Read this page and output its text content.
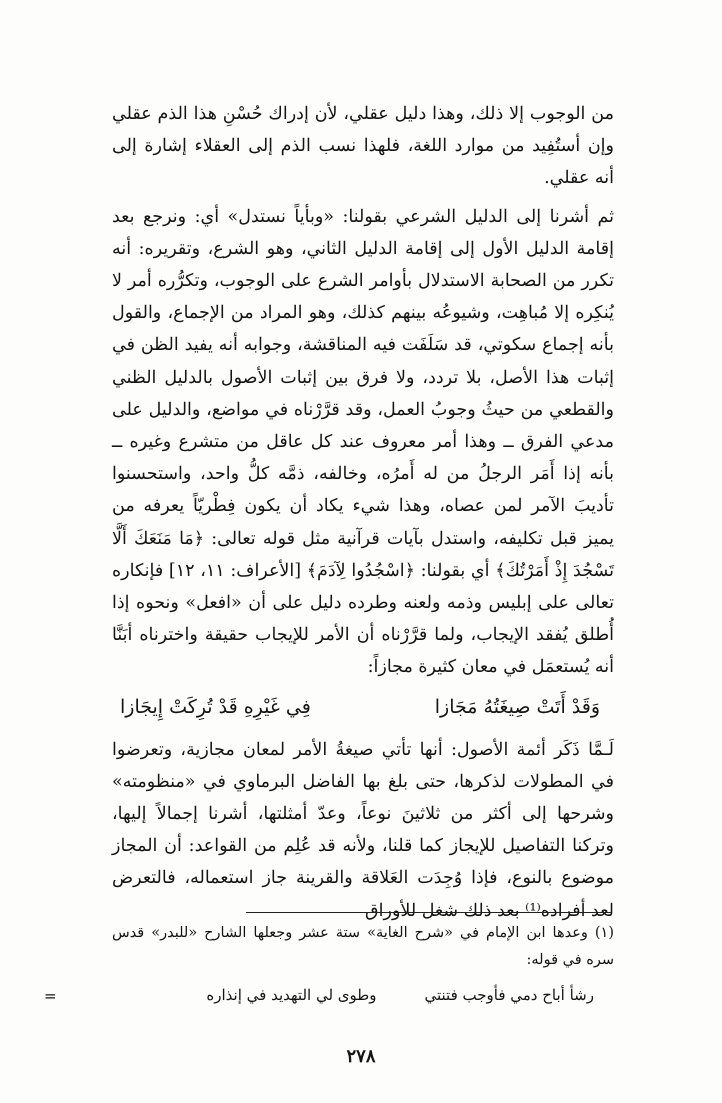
من الوجوب إلا ذلك، وهذا دليل عقلي، لأن إدراك حُسْنِ هذا الذم عقلي وإن أستُفِيد من موارد اللغة، فلهذا نسب الذم إلى العقلاء إشارة إلى أنه عقلي.

ثم أشرنا إلى الدليل الشرعي بقولنا: «وبأياً نستدل» أي: ونرجع بعد إقامة الدليل الأول إلى إقامة الدليل الثاني، وهو الشرع، وتقريره: أنه تكرر من الصحابة الاستدلال بأوامر الشرع على الوجوب، وتكرُّره أمر لا يُنكِره إلا مُباهِت، وشيوعُه بينهم كذلك، وهو المراد من الإجماع، والقول بأنه إجماع سكوتي، قد سَلَفَت فيه المناقشة، وجوابه أنه يفيد الظن في إثبات هذا الأصل، بلا تردد، ولا فرق بين إثبات الأصول بالدليل الظني والقطعي من حيثُ وجوبُ العمل، وقد قرَّرْناه في مواضع، والدليل على مدعي الفرق ــ وهذا أمر معروف عند كل عاقل من متشرع وغيره ــ بأنه إذا أَمَر الرجلُ من له أَمرُه، وخالفه، ذمَّه كلُّ واحد، واستحسنوا تأديبَ الآمر لمن عصاه، وهذا شيء يكاد أن يكون فِطْريّاً يعرفه من يميز قبل تكليفه، واستدل بآيات قرآنية مثل قوله تعالى: ﴿مَا مَنَعَكَ أَلَّا تَسْجُدَ إِذْ أَمَرْتُكَ﴾ أي بقولنا: ﴿اسْجُدُوا لِآدَمَ﴾ [الأعراف: ١١، ١٢] فإنكاره تعالى على إبليس وذمه ولعنه وطرده دليل على أن «افعل» ونحوه إذا أُطلق يُفقد الإيجاب، ولما قرَّرْناه أن الأمر للإيجاب حقيقة واخترناه أبَنَّا أنه يُستعمَل في معان كثيرة مجازاً:

وَقَدْ أَتَتْ صِيغَتُهُ مَجَازا
فِي غَيْرِهِ قَدْ تُرِكَتْ إِيجَازا

لَـمَّا ذَكَر أئمة الأصول: أنها تأتي صيغةُ الأمر لمعان مجازية، وتعرضوا في المطولات لذكرها، حتى بلغ بها الفاضل البرماوي في «منظومته» وشرحها إلى أكثر من ثلاثينَ نوعاً، وعدّ أمثلتها، أشرنا إجمالاً إليها، وتركنا التفاصيل للإيجاز كما قلنا، ولأنه قد عُلِم من القواعد: أن المجاز موضوع بالنوع، فإذا وُجِدَت العَلاقة والقرينة جاز استعماله، فالتعرض لعد أفراده⁽¹⁾ بعد ذلك شغل للأوراق

(١) وعدها ابن الإمام في «شرح الغاية» ستة عشر وجعلها الشارح «للبدر» قدس سره في قوله:

رشأ أباح دمي فأوجب فتنتي
وطوى لي التهديد في إنذاره
=
٢٧٨
